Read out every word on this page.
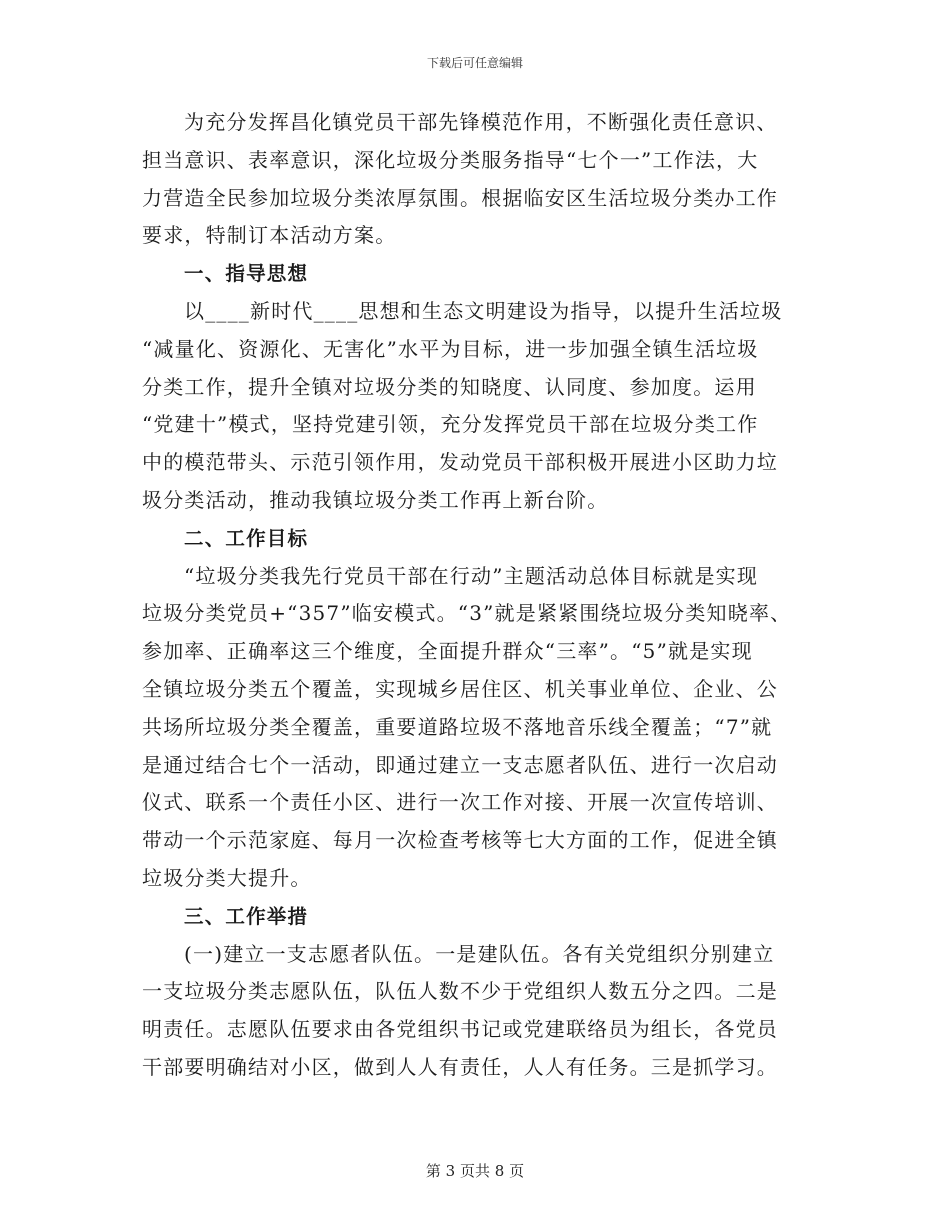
下载后可任意编辑
为充分发挥昌化镇党员干部先锋模范作用，不断强化责任意识、
担当意识、表率意识，深化垃圾分类服务指导“七个一”工作法，大
力营造全民参加垃圾分类浓厚氛围。根据临安区生活垃圾分类办工作
要求，特制订本活动方案。
一、指导思想
以____新时代____思想和生态文明建设为指导，以提升生活垃圾
“减量化、资源化、无害化”水平为目标，进一步加强全镇生活垃圾
分类工作，提升全镇对垃圾分类的知晓度、认同度、参加度。运用
“党建十”模式，坚持党建引领，充分发挥党员干部在垃圾分类工作
中的模范带头、示范引领作用，发动党员干部积极开展进小区助力垃
圾分类活动，推动我镇垃圾分类工作再上新台阶。
二、工作目标
“垃圾分类我先行党员干部在行动”主题活动总体目标就是实现
垃圾分类党员+“357”临安模式。“3”就是紧紧围绕垃圾分类知晓率、
参加率、正确率这三个维度，全面提升群众“三率”。“5”就是实现
全镇垃圾分类五个覆盖，实现城乡居住区、机关事业单位、企业、公
共场所垃圾分类全覆盖，重要道路垃圾不落地音乐线全覆盖；“7”就
是通过结合七个一活动，即通过建立一支志愿者队伍、进行一次启动
仪式、联系一个责任小区、进行一次工作对接、开展一次宣传培训、
带动一个示范家庭、每月一次检查考核等七大方面的工作，促进全镇
垃圾分类大提升。
三、工作举措
(一)建立一支志愿者队伍。一是建队伍。各有关党组织分别建立
一支垃圾分类志愿队伍，队伍人数不少于党组织人数五分之四。二是
明责任。志愿队伍要求由各党组织书记或党建联络员为组长，各党员
干部要明确结对小区，做到人人有责任，人人有任务。三是抓学习。
第 3 页共 8 页
